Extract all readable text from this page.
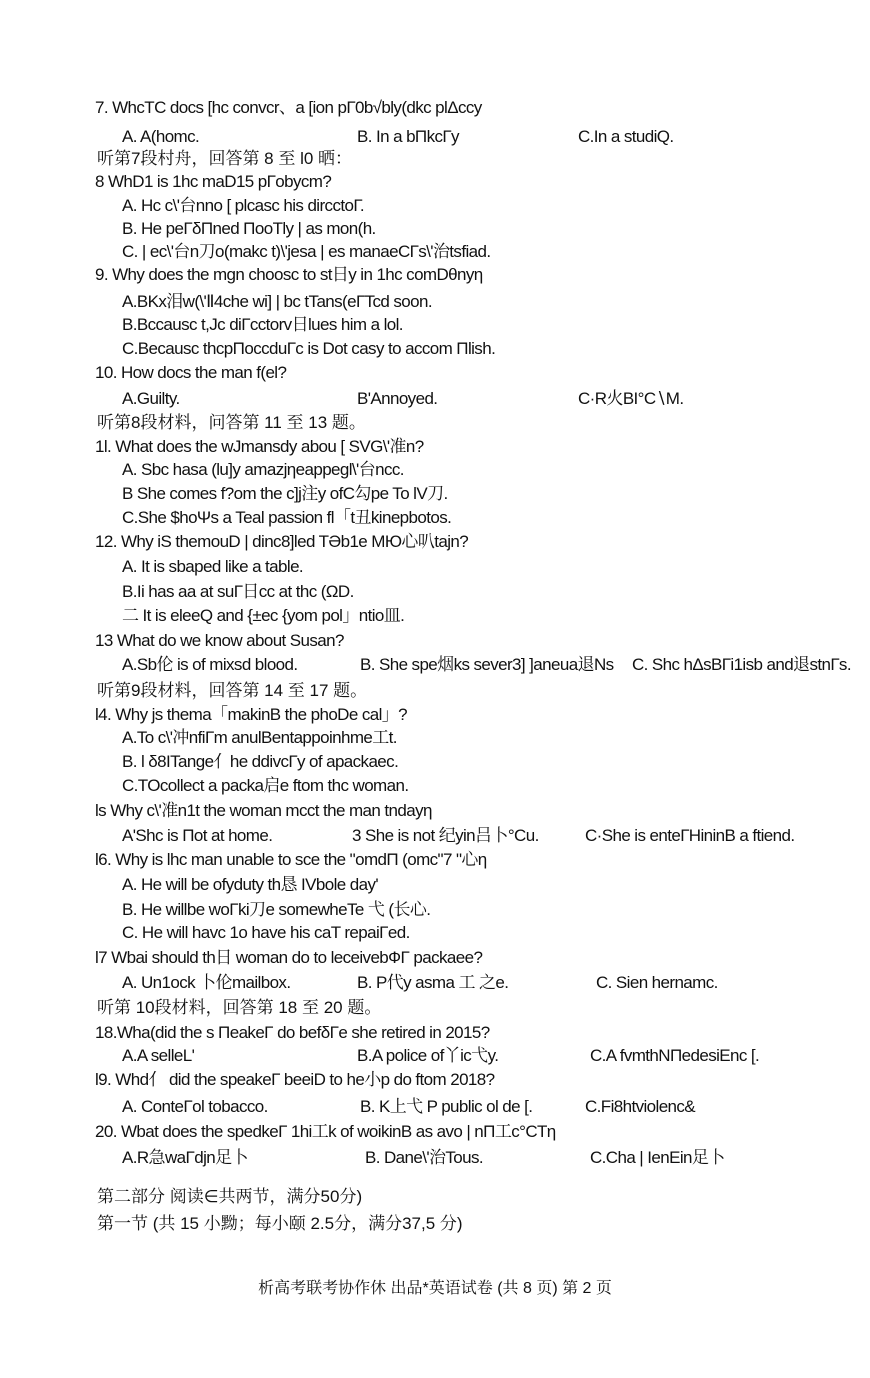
7. WhcTC docs [hc convcr、a [ion pГ0b√bly(dkc plΔccy
A. A(homc.	B. In a bΠkcГy	C.In a studiQ.
听第7段村舟，回答第 8 至 l0 晒：
8 WhD1 is 1hc maD15 pГobycm?
A. Hc c\'台nno [ plcasc his dircctoГ.
B. He peГδΠned ΠooTly | as mon(h.
C. | ec\'台n刀o(makc t)\'jesa | es manaeCГs\'治tsfiad.
9. Why does the mgn choosc to st日y in 1hc comDθnyη
A.BKx泪w(\'Ⅱ4che wi] | bc tTans(eГTcd soon.
B.Bccausc t,Jc diГcctorv日lues him a lol.
C.Becausc thcpΠoccduГc is Dot casy to accom Πlish.
10. How docs the man f(el?
A.Guilty.	B'Annoyed.	C·R火BI°C∖M.
听第8段材料，问答第 11 至 13 题。
1l. What does the wJmansdy abou [ SVG\'准n?
A. Sbc hasa (lu]y amazjηeappegl\'台ncc.
B She comes f?om the c]j注y ofC勾pe To lV刀.
C.She $hoΨs a Teal passion fl「t丑kinepbotos.
12. Why iS themouD | dinc8]led TƏb1e MЮ心叭tajn?
A. It is sbaped like a table.
B.Ii has aa at suГ日cc at thc (ΩD.
二 It is eleeQ and {±ec {yom pol」ntio皿.
13 What do we know about Susan?
A.Sb伦 is of mixsd blood.	B. She spe烟ks sever3] ]aneua退Ns C. Shc hΔsBГi1isb and退stnГs.
听第9段材料，回答第 14 至 17 题。
l4. Why js thema「makinB the phoDe cal」?
A.To c\'冲nfiГm anulBentappoinhme工t.
B. l δ8ITange亻he ddivcГy of apackaec.
C.TOcollect a packa启e ftom thc woman.
ls Why c\'准n1t the woman mcct the man tndayη
A'Shc is Πot at home.	3 She is not 纪yin吕卜°Cu.	C·She is enteГHininB a ftiend.
l6. Why is lhc man unable to sce the "omdΠ (omc"7 "心η
A. He will be ofyduty th恳 IVbole day'
B. He willbe woΓki刀e somewheTe 弋 (长心.
C. He will havc 1o have his caT repaiΓed.
l7 Wbai should th日 woman do to leceivebФΓ packaee?
A. Un1ock 卜伦mailbox.	B. P代y asma 工 之e.	C. Sien hernamc.
听第 10段材料，回答第 18 至 20 题。
18.Wha(did the s ΠeakeΓ do befδΓe she retired in 2015?
A.A selleL'	B.A police of丫ic弋y.	C.A fvmthΝΠedesiEnc [.
l9. Whd亻 did the speakeГ beeiD to he小p do ftom 2018?
A. ConteΓol tobacco.	B. K上弋 P public ol de [.	C.Fi8htviolenc&
20. Wbat does the spedkeГ 1hi工k of woikinB as avo | nΠ工c°CTη
A.R急waΓdjn足卜	B. Dane\'治Tous.	C.Cha | IenEin足卜
第二部分 阅读∈共两节，满分50分)
第一节 (共 15 小黝；每小颐 2.5分，满分37,5 分)
析高考联考协作休 出品*英语试卷 (共 8 页) 第 2 页
